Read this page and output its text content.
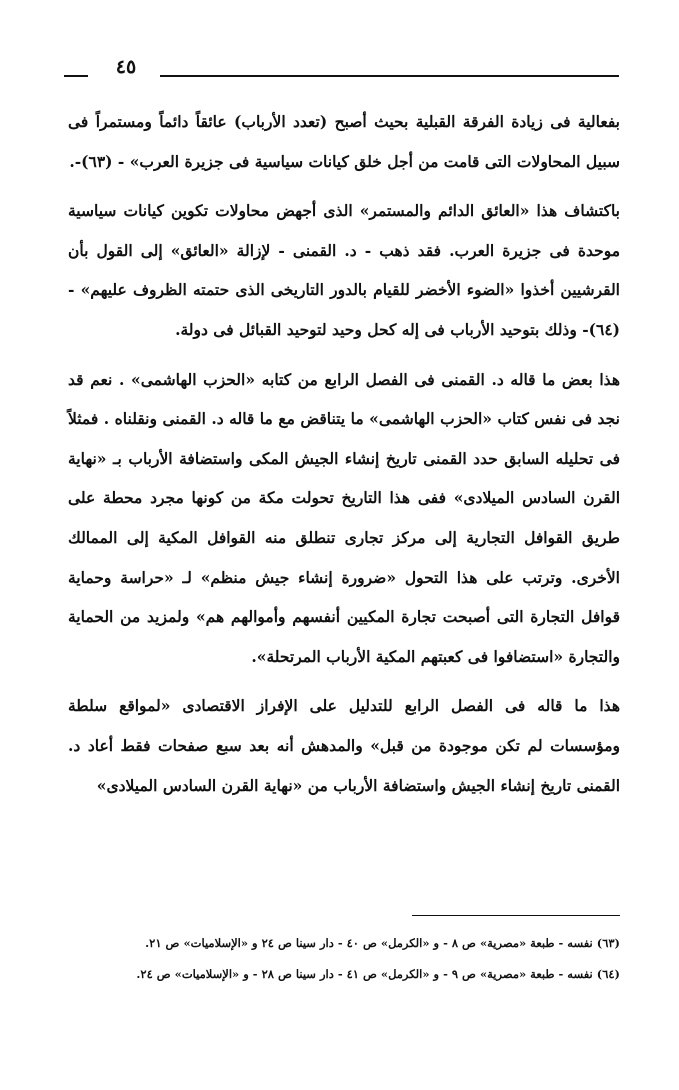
٤٥

بفعالية فى زيادة الفرقة القبلية بحيث أصبح (تعدد الأرباب) عائقاً دائماً ومستمراً فى سبيل المحاولات التى قامت من أجل خلق كيانات سياسية فى جزيرة العرب» - (٦٣)-.

باكتشاف هذا «العائق الدائم والمستمر» الذى أجهض محاولات تكوين كيانات سياسية موحدة فى جزيرة العرب. فقد ذهب - د. القمنى - لإزالة «العائق» إلى القول بأن القرشيين أخذوا «الضوء الأخضر للقيام بالدور التاريخى الذى حتمته الظروف عليهم» - (٦٤)- وذلك بتوحيد الأرباب فى إله كحل وحيد لتوحيد القبائل فى دولة.

هذا بعض ما قاله د. القمنى فى الفصل الرابع من كتابه «الحزب الهاشمى» . نعم قد نجد فى نفس كتاب «الحزب الهاشمى» ما يتناقض مع ما قاله د. القمنى ونقلناه . فمثلاً فى تحليله السابق حدد القمنى تاريخ إنشاء الجيش المكى واستضافة الأرباب بـ «نهاية القرن السادس الميلادى» ففى هذا التاريخ تحولت مكة من كونها مجرد محطة على طريق القوافل التجارية إلى مركز تجارى تنطلق منه القوافل المكية إلى الممالك الأخرى. وترتب على هذا التحول «ضرورة إنشاء جيش منظم» لـ «حراسة وحماية قوافل التجارة التى أصبحت تجارة المكيين أنفسهم وأموالهم هم» ولمزيد من الحماية والتجارة «استضافوا فى كعبتهم المكية الأرباب المرتحلة».

هذا ما قاله فى الفصل الرابع للتدليل على الإفراز الاقتصادى «لمواقع سلطة ومؤسسات لم تكن موجودة من قبل» والمدهش أنه بعد سبع صفحات فقط أعاد د. القمنى تاريخ إنشاء الجيش واستضافة الأرباب من «نهاية القرن السادس الميلادى»

(٦٣) نفسه - طبعة «مصرية» ص ٨ - و «الكرمل» ص ٤٠ - دار سينا ص ٢٤ و «الإسلاميات» ص ٢١.

(٦٤) نفسه - طبعة «مصرية» ص ٩ - و «الكرمل» ص ٤١ - دار سينا ص ٢٨ - و «الإسلاميات» ص ٢٤.
